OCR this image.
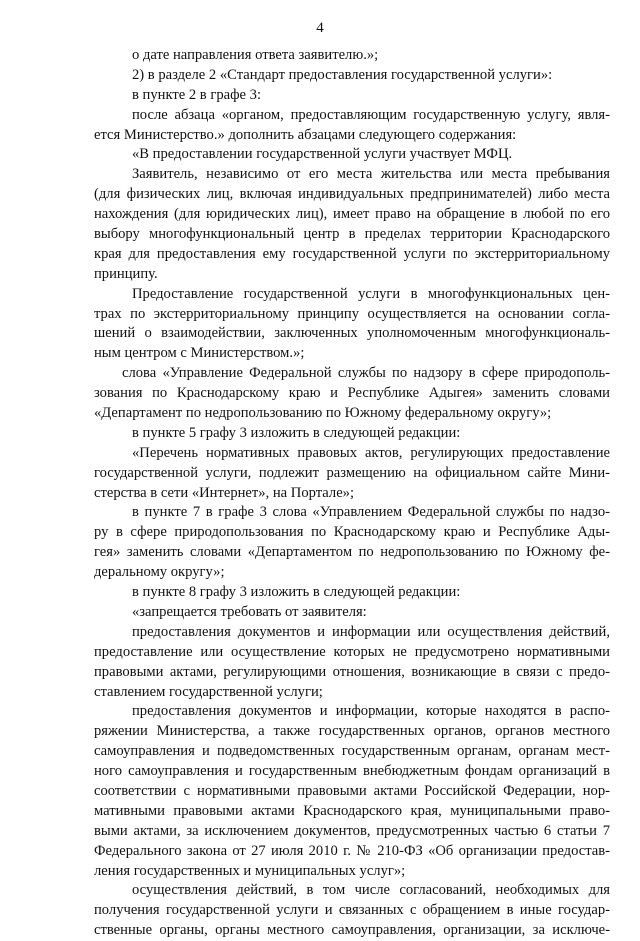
4
о дате направления ответа заявителю.»;
2) в разделе 2 «Стандарт предоставления государственной услуги»:
в пункте 2 в графе 3:
после абзаца «органом, предоставляющим государственную услугу, явля-
ется Министерство.» дополнить абзацами следующего содержания:
«В предоставлении государственной услуги участвует МФЦ.
Заявитель, независимо от его места жительства или места пребывания
(для физических лиц, включая индивидуальных предпринимателей) либо места
нахождения (для юридических лиц), имеет право на обращение в любой по его
выбору многофункциональный центр в пределах территории Краснодарского
края для предоставления ему государственной услуги по экстерриториальному
принципу.
Предоставление государственной услуги в многофункциональных цен-
трах по экстерриториальному принципу осуществляется на основании согла-
шений о взаимодействии, заключенных уполномоченным многофункциональ-
ным центром с Министерством.»;
слова «Управление Федеральной службы по надзору в сфере природополь-
зования по Краснодарскому краю и Республике Адыгея» заменить словами
«Департамент по недропользованию по Южному федеральному округу»;
в пункте 5 графу 3 изложить в следующей редакции:
«Перечень нормативных правовых актов, регулирующих предоставление
государственной услуги, подлежит размещению на официальном сайте Мини-
стерства в сети «Интернет», на Портале»;
в пункте 7 в графе 3 слова «Управлением Федеральной службы по надзо-
ру в сфере природопользования по Краснодарскому краю и Республике Ады-
гея» заменить словами «Департаментом по недропользованию по Южному фе-
деральному округу»;
в пункте 8 графу 3 изложить в следующей редакции:
«запрещается требовать от заявителя:
предоставления документов и информации или осуществления действий,
предоставление или осуществление которых не предусмотрено нормативными
правовыми актами, регулирующими отношения, возникающие в связи с предо-
ставлением государственной услуги;
предоставления документов и информации, которые находятся в распо-
ряжении Министерства, а также государственных органов, органов местного
самоуправления и подведомственных государственным органам, органам мест-
ного самоуправления и государственным внебюджетным фондам организаций в
соответствии с нормативными правовыми актами Российской Федерации, нор-
мативными правовыми актами Краснодарского края, муниципальными право-
выми актами, за исключением документов, предусмотренных частью 6 статьи 7
Федерального закона от 27 июля 2010 г. № 210-ФЗ «Об организации предостав-
ления государственных и муниципальных услуг»;
осуществления действий, в том числе согласований, необходимых для
получения государственной услуги и связанных с обращением в иные государ-
ственные органы, органы местного самоуправления, организации, за исключе-
